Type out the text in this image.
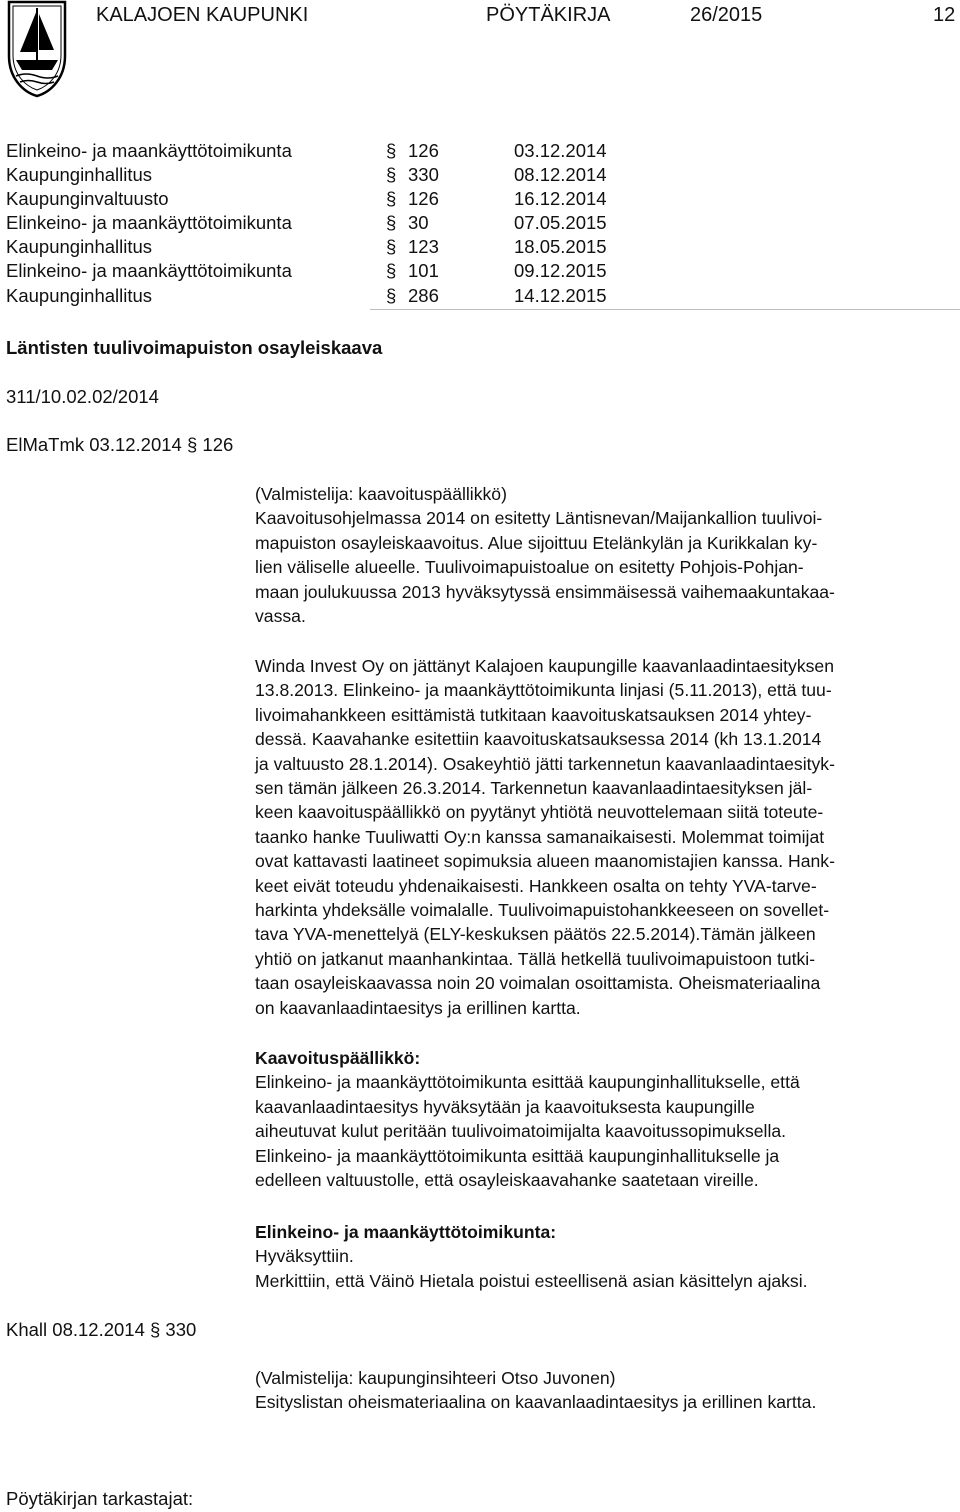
KALAJOEN KAUPUNKI	PÖYTÄKIRJA	26/2015	12
Elinkeino- ja maankäyttötoimikunta	§ 126	03.12.2014
Kaupunginhallitus	§ 330	08.12.2014
Kaupunginvaltuusto	§ 126	16.12.2014
Elinkeino- ja maankäyttötoimikunta	§ 30	07.05.2015
Kaupunginhallitus	§ 123	18.05.2015
Elinkeino- ja maankäyttötoimikunta	§ 101	09.12.2015
Kaupunginhallitus	§ 286	14.12.2015
Läntisten tuulivoimapuiston osayleiskaava
311/10.02.02/2014
ElMaTmk 03.12.2014 § 126
(Valmistelija: kaavoituspäällikkö)
Kaavoitusohjelmassa 2014 on esitetty Läntisnevan/Maijankallion tuulivoi-
mapuiston osayleiskaavoitus. Alue sijoittuu Etelänkylän ja Kurikkalan ky-
lien väliselle alueelle. Tuulivoimapuistoalue on esitetty Pohjois-Pohjan-
maan joulukuussa 2013 hyväksytyssä ensimmäisessä vaihemaakuntakaa-
vassa.
Winda Invest Oy on jättänyt Kalajoen kaupungille kaavanlaadintaesityksen
13.8.2013. Elinkeino- ja maankäyttötoimikunta linjasi (5.11.2013), että tuu-
livoimahankkeen esittämistä tutkitaan kaavoituskatsauksen 2014 yhtey-
dessä. Kaavahanke esitettiin kaavoituskatsauksessa 2014 (kh 13.1.2014
ja valtuusto 28.1.2014). Osakeyhtiö jätti tarkennetun kaavanlaadintaesityk-
sen tämän jälkeen 26.3.2014. Tarkennetun kaavanlaadintaesityksen jäl-
keen kaavoituspäällikkö on pyytänyt yhtiötä neuvottelemaan siitä toteute-
taanko hanke Tuuliwatti Oy:n kanssa samanaikaisesti. Molemmat toimijat
ovat kattavasti laatineet sopimuksia alueen maanomistajien kanssa. Hank-
keet eivät toteudu yhdenaikaisesti. Hankkeen osalta on tehty YVA-tarve-
harkinta yhdeksälle voimalalle. Tuulivoimapuistohankkeeseen on sovellet-
tava YVA-menettelyä (ELY-keskuksen päätös 22.5.2014).Tämän jälkeen
yhtiö on jatkanut maanhankintaa. Tällä hetkellä tuulivoimapuistoon tutki-
taan osayleiskaavassa noin 20 voimalan osoittamista. Oheismateriaalina
on kaavanlaadintaesitys ja erillinen kartta.
Kaavoituspäällikkö:
Elinkeino- ja maankäyttötoimikunta esittää kaupunginhallitukselle, että
kaavanlaadintaesitys hyväksytään ja kaavoituksesta kaupungille
aiheutuvat kulut peritään tuulivoimatoimijalta kaavoitussopimuksella.
Elinkeino- ja maankäyttötoimikunta esittää kaupunginhallitukselle ja
edelleen valtuustolle, että osayleiskaavahanke saatetaan vireille.
Elinkeino- ja maankäyttötoimikunta:
Hyväksyttiin.
Merkittiin, että Väinö Hietala poistui esteellisenä asian käsittelyn ajaksi.
Khall 08.12.2014 § 330
(Valmistelija: kaupunginsihteeri Otso Juvonen)
Esityslistan oheismateriaalina on kaavanlaadintaesitys ja erillinen kartta.
Pöytäkirjan tarkastajat:
